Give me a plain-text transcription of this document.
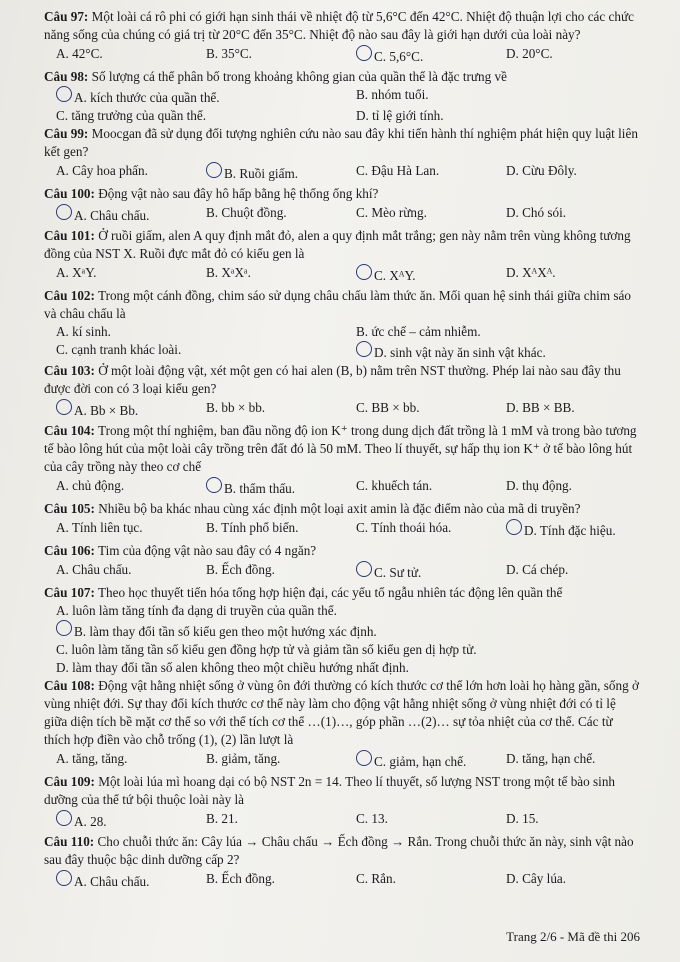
Câu 97: Một loài cá rô phi có giới hạn sinh thái về nhiệt độ từ 5,6°C đến 42°C. Nhiệt độ thuận lợi cho các chức năng sống của chúng có giá trị từ 20°C đến 35°C. Nhiệt độ nào sau đây là giới hạn dưới của loài này?

A. 42°C.	B. 35°C.	C. 5,6°C.	D. 20°C.

Câu 98: Số lượng cá thể phân bố trong khoảng không gian của quần thể là đặc trưng về

A. kích thước của quần thể.	B. nhóm tuổi.
C. tăng trưởng của quần thể.	D. tỉ lệ giới tính.

Câu 99: Moocgan đã sử dụng đối tượng nghiên cứu nào sau đây khi tiến hành thí nghiệm phát hiện quy luật liên kết gen?

A. Cây hoa phấn.	B. Ruồi giấm.	C. Đậu Hà Lan.	D. Cừu Đôly.

Câu 100: Động vật nào sau đây hô hấp bằng hệ thống ống khí?

A. Châu chấu.	B. Chuột đồng.	C. Mèo rừng.	D. Chó sói.

Câu 101: Ở ruồi giấm, alen A quy định mắt đỏ, alen a quy định mắt trắng; gen này nằm trên vùng không tương đồng của NST X. Ruồi đực mắt đỏ có kiểu gen là

A. XᵃY.	B. XᵃXᵃ.	C. XᴬY.	D. XᴬXᴬ.

Câu 102: Trong một cánh đồng, chim sáo sử dụng châu chấu làm thức ăn. Mối quan hệ sinh thái giữa chim sáo và châu chấu là

A. kí sinh.	B. ức chế – cảm nhiễm.
C. cạnh tranh khác loài.	D. sinh vật này ăn sinh vật khác.

Câu 103: Ở một loài động vật, xét một gen có hai alen (B, b) nằm trên NST thường. Phép lai nào sau đây thu được đời con có 3 loại kiểu gen?

A. Bb × Bb.	B. bb × bb.	C. BB × bb.	D. BB × BB.

Câu 104: Trong một thí nghiệm, ban đầu nồng độ ion K⁺ trong dung dịch đất trồng là 1 mM và trong bào tương tế bào lông hút của một loài cây trồng trên đất đó là 50 mM. Theo lí thuyết, sự hấp thụ ion K⁺ ở tế bào lông hút của cây trồng này theo cơ chế

A. chủ động.	B. thẩm thấu.	C. khuếch tán.	D. thụ động.

Câu 105: Nhiều bộ ba khác nhau cùng xác định một loại axit amin là đặc điểm nào của mã di truyền?

A. Tính liên tục.	B. Tính phổ biến.	C. Tính thoái hóa.	D. Tính đặc hiệu.

Câu 106: Tim của động vật nào sau đây có 4 ngăn?

A. Châu chấu.	B. Ếch đồng.	C. Sư tử.	D. Cá chép.

Câu 107: Theo học thuyết tiến hóa tổng hợp hiện đại, các yếu tố ngẫu nhiên tác động lên quần thể

A. luôn làm tăng tính đa dạng di truyền của quần thể.
B. làm thay đổi tần số kiểu gen theo một hướng xác định.
C. luôn làm tăng tần số kiểu gen đồng hợp tử và giảm tần số kiểu gen dị hợp tử.
D. làm thay đổi tần số alen không theo một chiều hướng nhất định.

Câu 108: Động vật hằng nhiệt sống ở vùng ôn đới thường có kích thước cơ thể lớn hơn loài họ hàng gần, sống ở vùng nhiệt đới. Sự thay đổi kích thước cơ thể này làm cho động vật hằng nhiệt sống ở vùng nhiệt đới có tỉ lệ giữa diện tích bề mặt cơ thể so với thể tích cơ thể …(1)…, góp phần …(2)… sự tỏa nhiệt của cơ thể. Các từ thích hợp điền vào chỗ trống (1), (2) lần lượt là

A. tăng, tăng.	B. giảm, tăng.	C. giảm, hạn chế.	D. tăng, hạn chế.

Câu 109: Một loài lúa mì hoang dại có bộ NST 2n = 14. Theo lí thuyết, số lượng NST trong một tế bào sinh dưỡng của thể tứ bội thuộc loài này là

A. 28.	B. 21.	C. 13.	D. 15.

Câu 110: Cho chuỗi thức ăn: Cây lúa → Châu chấu → Ếch đồng → Rắn. Trong chuỗi thức ăn này, sinh vật nào sau đây thuộc bậc dinh dưỡng cấp 2?

A. Châu chấu.	B. Ếch đồng.	C. Rắn.	D. Cây lúa.
Trang 2/6 - Mã đề thi 206
